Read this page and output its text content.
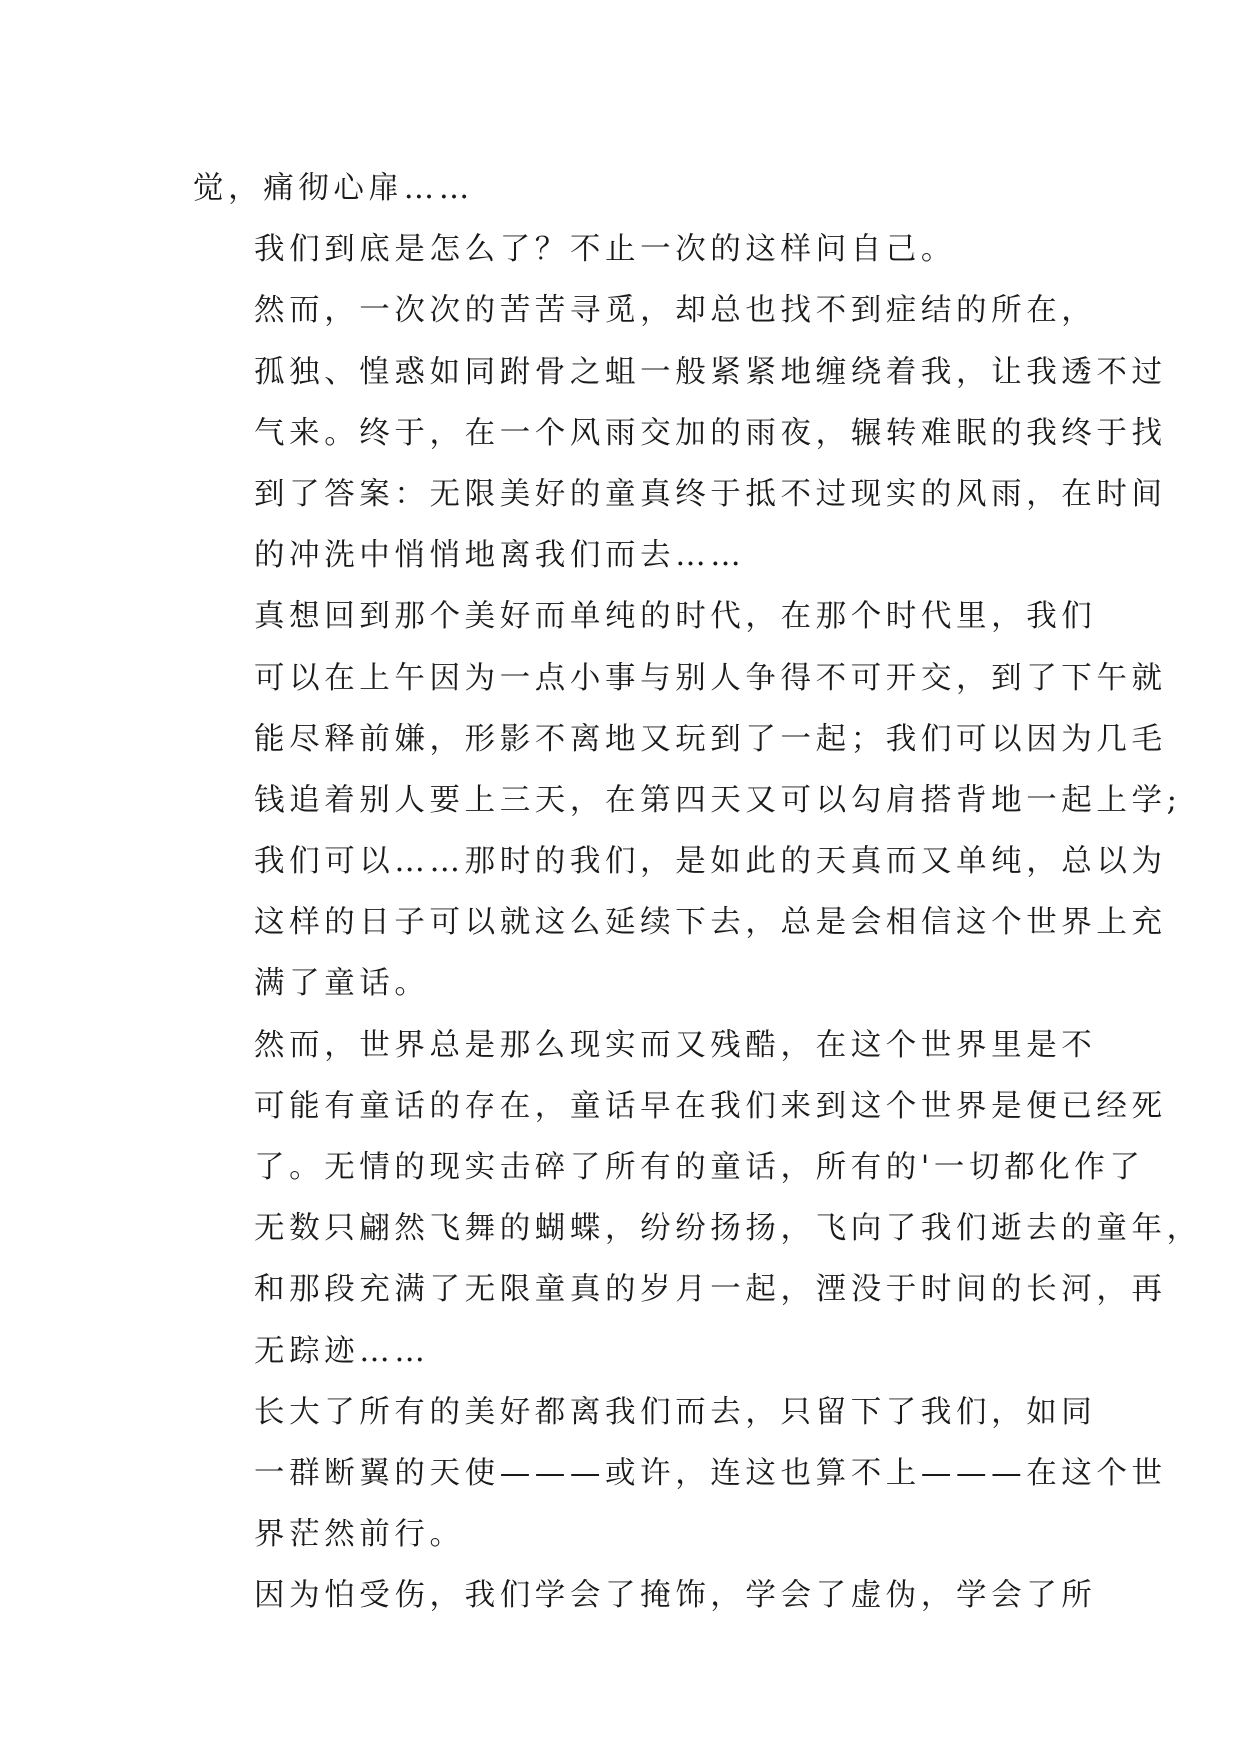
觉，痛彻心扉……
我们到底是怎么了？不止一次的这样问自己。
然而，一次次的苦苦寻觅，却总也找不到症结的所在，
孤独、惶惑如同跗骨之蛆一般紧紧地缠绕着我，让我透不过
气来。终于，在一个风雨交加的雨夜，辗转难眠的我终于找
到了答案：无限美好的童真终于抵不过现实的风雨，在时间
的冲洗中悄悄地离我们而去……
真想回到那个美好而单纯的时代，在那个时代里，我们
可以在上午因为一点小事与别人争得不可开交，到了下午就
能尽释前嫌，形影不离地又玩到了一起；我们可以因为几毛
钱追着别人要上三天，在第四天又可以勾肩搭背地一起上学;
我们可以……那时的我们，是如此的天真而又单纯，总以为
这样的日子可以就这么延续下去，总是会相信这个世界上充
满了童话。
然而，世界总是那么现实而又残酷，在这个世界里是不
可能有童话的存在，童话早在我们来到这个世界是便已经死
了。无情的现实击碎了所有的童话，所有的'一切都化作了
无数只翩然飞舞的蝴蝶，纷纷扬扬，飞向了我们逝去的童年，
和那段充满了无限童真的岁月一起，湮没于时间的长河，再
无踪迹……
长大了所有的美好都离我们而去，只留下了我们，如同
一群断翼的天使———或许，连这也算不上———在这个世
界茫然前行。
因为怕受伤，我们学会了掩饰，学会了虚伪，学会了所
